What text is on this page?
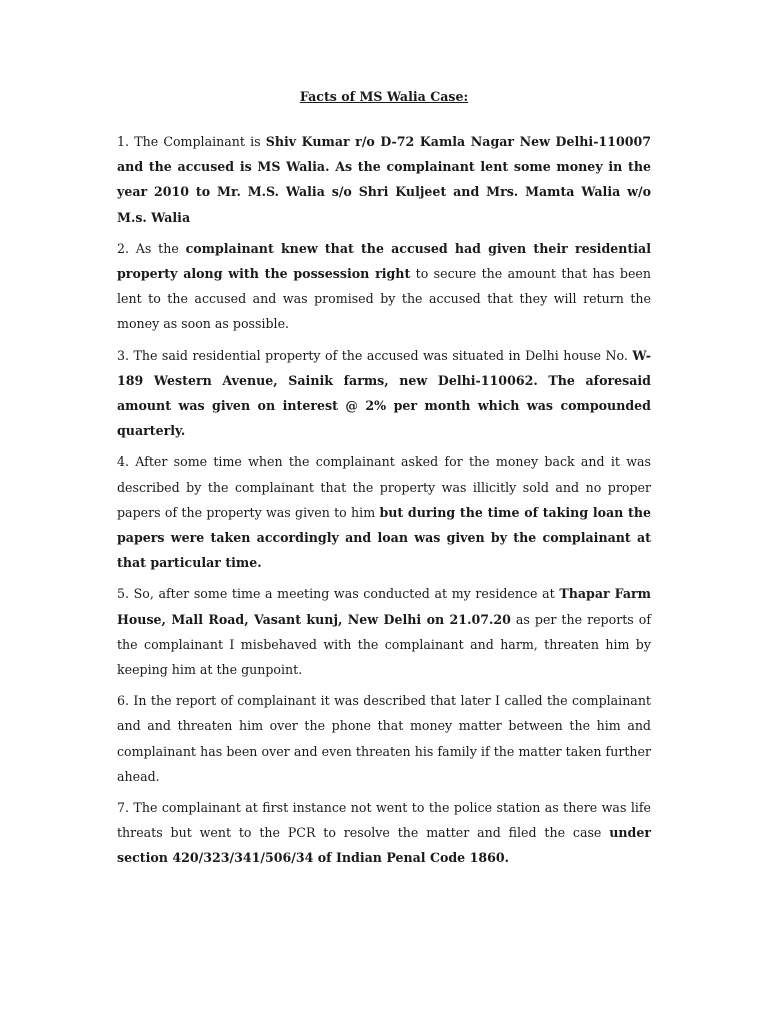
Facts of MS Walia Case:

1. The Complainant is Shiv Kumar r/o D-72 Kamla Nagar New Delhi-110007 and the accused is MS Walia. As the complainant lent some money in the year 2010 to Mr. M.S. Walia s/o Shri Kuljeet and Mrs. Mamta Walia w/o M.s. Walia

2. As the complainant knew that the accused had given their residential property along with the possession right to secure the amount that has been lent to the accused and was promised by the accused that they will return the money as soon as possible.

3. The said residential property of the accused was situated in Delhi house No. W-189 Western Avenue, Sainik farms, new Delhi-110062. The aforesaid amount was given on interest @ 2% per month which was compounded quarterly.

4. After some time when the complainant asked for the money back and it was described by the complainant that the property was illicitly sold and no proper papers of the property was given to him but during the time of taking loan the papers were taken accordingly and loan was given by the complainant at that particular time.

5. So, after some time a meeting was conducted at my residence at Thapar Farm House, Mall Road, Vasant kunj, New Delhi on 21.07.20 as per the reports of the complainant I misbehaved with the complainant and harm, threaten him by keeping him at the gunpoint.

6. In the report of complainant it was described that later I called the complainant and and threaten him over the phone that money matter between the him and complainant has been over and even threaten his family if the matter taken further ahead.

7. The complainant at first instance not went to the police station as there was life threats but went to the PCR to resolve the matter and filed the case under section 420/323/341/506/34 of Indian Penal Code 1860.
